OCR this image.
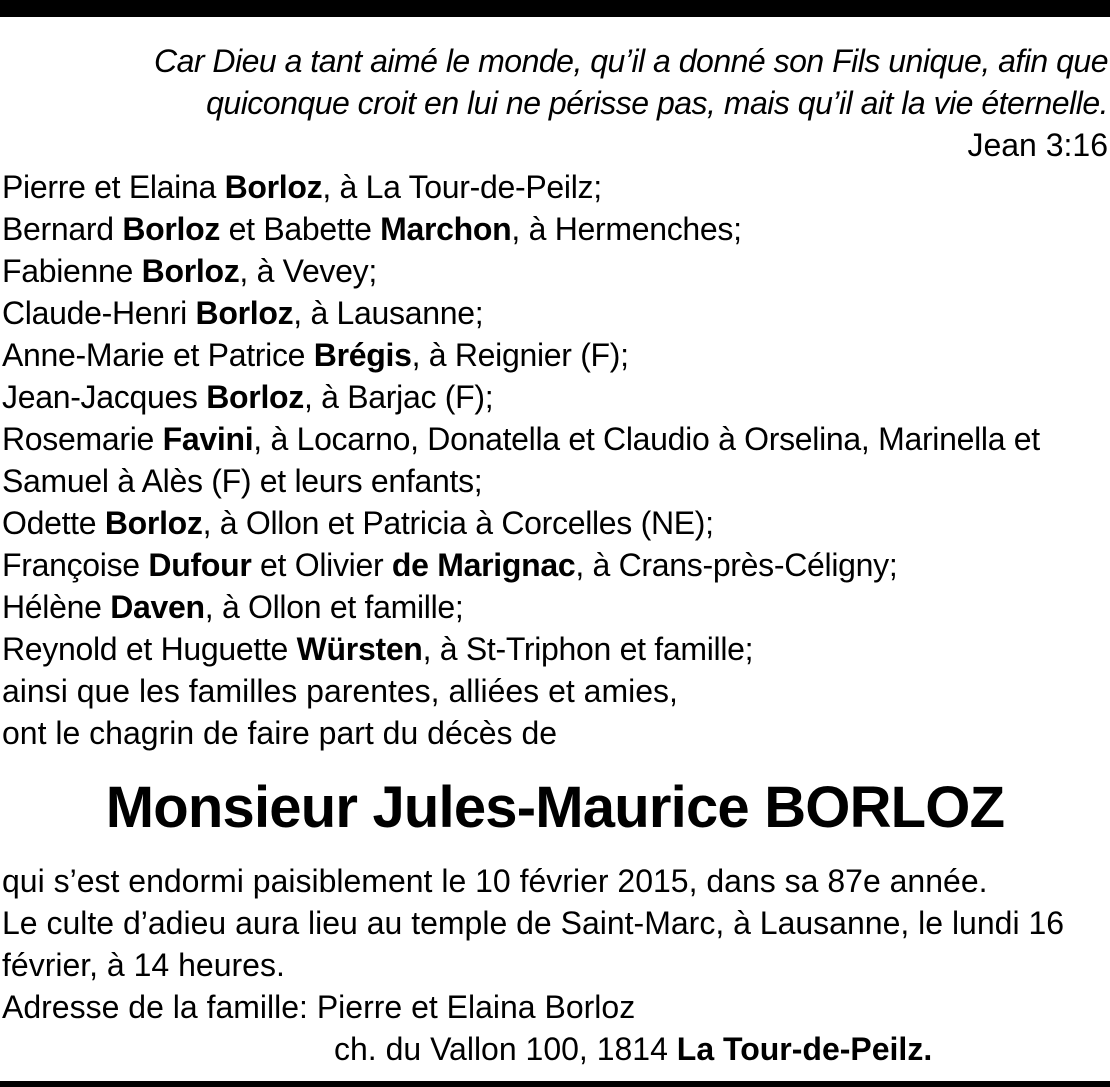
Car Dieu a tant aimé le monde, qu’il a donné son Fils unique, afin que

quiconque croit en lui ne périsse pas, mais qu’il ait la vie éternelle.

Jean 3:16

Pierre et Elaina Borloz, à La Tour-de-Peilz;
Bernard Borloz et Babette Marchon, à Hermenches;
Fabienne Borloz, à Vevey;
Claude-Henri Borloz, à Lausanne;
Anne-Marie et Patrice Brégis, à Reignier (F);
Jean-Jacques Borloz, à Barjac (F);
Rosemarie Favini, à Locarno, Donatella et Claudio à Orselina, Marinella et Samuel à Alès (F) et leurs enfants;
Odette Borloz, à Ollon et Patricia à Corcelles (NE);
Françoise Dufour et Olivier de Marignac, à Crans-près-Céligny;
Hélène Daven, à Ollon et famille;
Reynold et Huguette Würsten, à St-Triphon et famille;

ainsi que les familles parentes, alliées et amies,

ont le chagrin de faire part du décès de

Monsieur Jules-Maurice BORLOZ

qui s’est endormi paisiblement le 10 février 2015, dans sa 87e année.

Le culte d’adieu aura lieu au temple de Saint-Marc, à Lausanne, le lundi 16 février, à 14 heures.

Adresse de la famille: Pierre et Elaina Borloz

ch. du Vallon 100, 1814 La Tour-de-Peilz.
